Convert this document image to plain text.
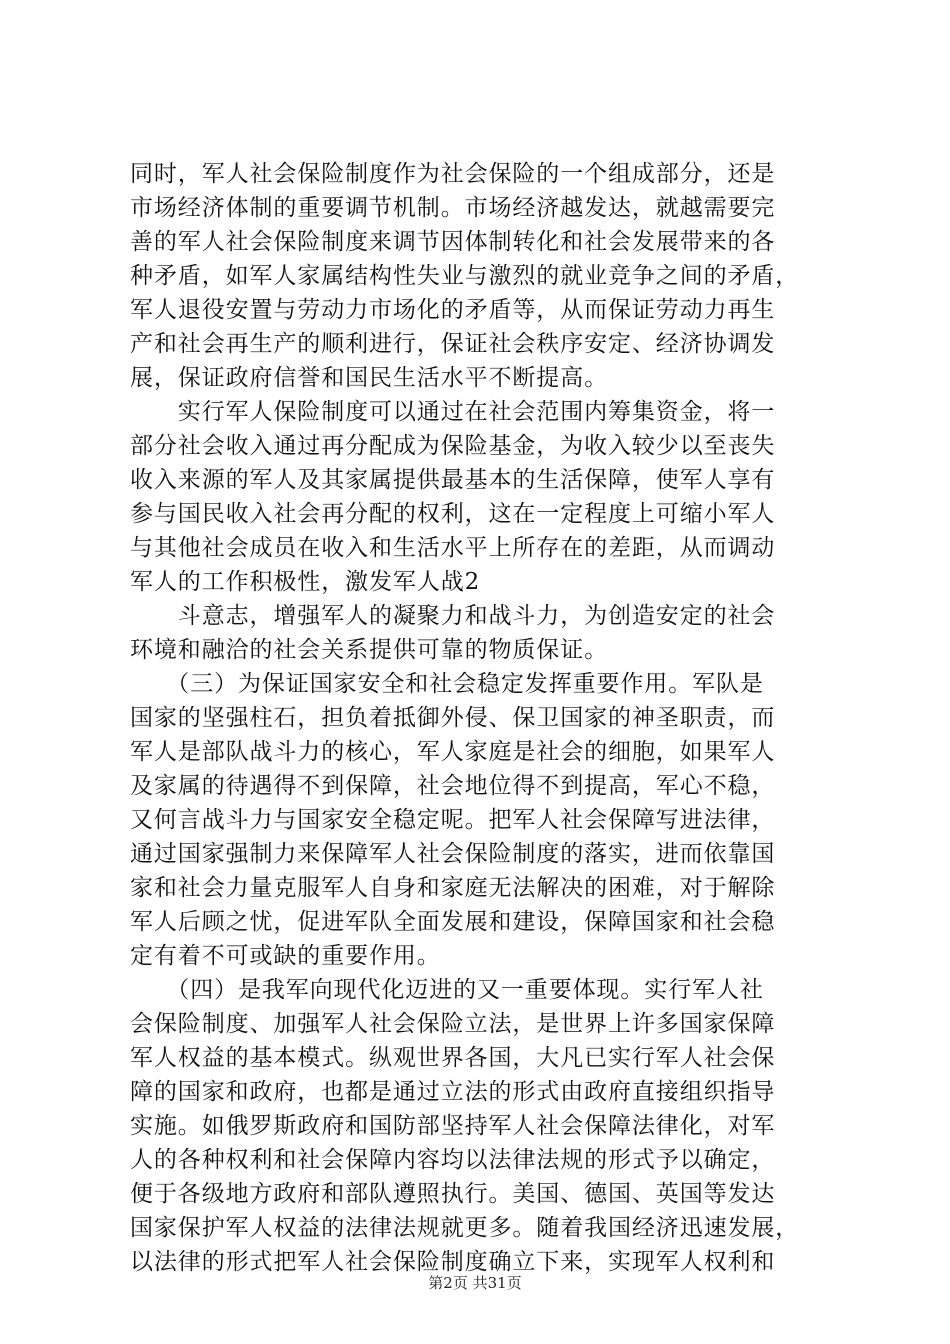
同时，军人社会保险制度作为社会保险的一个组成部分，还是
市场经济体制的重要调节机制。市场经济越发达，就越需要完
善的军人社会保险制度来调节因体制转化和社会发展带来的各
种矛盾，如军人家属结构性失业与激烈的就业竞争之间的矛盾，
军人退役安置与劳动力市场化的矛盾等，从而保证劳动力再生
产和社会再生产的顺利进行，保证社会秩序安定、经济协调发
展，保证政府信誉和国民生活水平不断提高。
　　实行军人保险制度可以通过在社会范围内筹集资金，将一
部分社会收入通过再分配成为保险基金，为收入较少以至丧失
收入来源的军人及其家属提供最基本的生活保障，使军人享有
参与国民收入社会再分配的权利，这在一定程度上可缩小军人
与其他社会成员在收入和生活水平上所存在的差距，从而调动
军人的工作积极性，激发军人战2
　　斗意志，增强军人的凝聚力和战斗力，为创造安定的社会
环境和融洽的社会关系提供可靠的物质保证。
　　（三）为保证国家安全和社会稳定发挥重要作用。军队是
国家的坚强柱石，担负着抵御外侵、保卫国家的神圣职责，而
军人是部队战斗力的核心，军人家庭是社会的细胞，如果军人
及家属的待遇得不到保障，社会地位得不到提高，军心不稳，
又何言战斗力与国家安全稳定呢。把军人社会保障写进法律，
通过国家强制力来保障军人社会保险制度的落实，进而依靠国
家和社会力量克服军人自身和家庭无法解决的困难，对于解除
军人后顾之忧，促进军队全面发展和建设，保障国家和社会稳
定有着不可或缺的重要作用。
　　（四）是我军向现代化迈进的又一重要体现。实行军人社
会保险制度、加强军人社会保险立法，是世界上许多国家保障
军人权益的基本模式。纵观世界各国，大凡已实行军人社会保
障的国家和政府，也都是通过立法的形式由政府直接组织指导
实施。如俄罗斯政府和国防部坚持军人社会保障法律化，对军
人的各种权利和社会保障内容均以法律法规的形式予以确定，
便于各级地方政府和部队遵照执行。美国、德国、英国等发达
国家保护军人权益的法律法规就更多。随着我国经济迅速发展，
以法律的形式把军人社会保险制度确立下来，实现军人权利和
第2页 共31页
